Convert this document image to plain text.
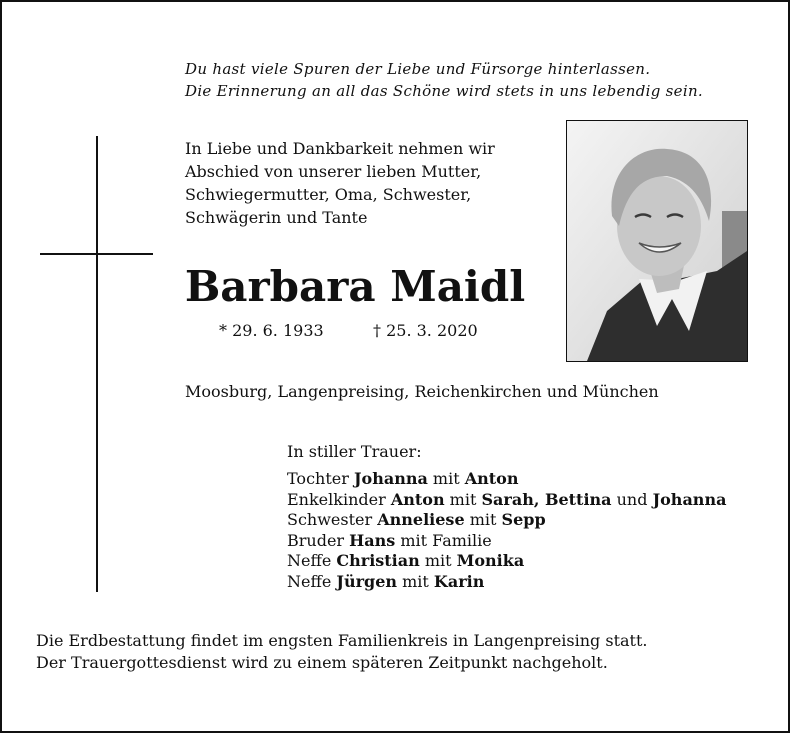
Du hast viele Spuren der Liebe und Fürsorge hinterlassen.
Die Erinnerung an all das Schöne wird stets in uns lebendig sein.
In Liebe und Dankbarkeit nehmen wir
Abschied von unserer lieben Mutter,
Schwiegermutter, Oma, Schwester,
Schwägerin und Tante
Barbara Maidl
* 29. 6. 1933	† 25. 3. 2020
Moosburg, Langenpreising, Reichenkirchen und München
In stiller Trauer:
Tochter Johanna mit Anton
Enkelkinder Anton mit Sarah, Bettina und Johanna
Schwester Anneliese mit Sepp
Bruder Hans mit Familie
Neffe Christian mit Monika
Neffe Jürgen mit Karin
Die Erdbestattung findet im engsten Familienkreis in Langenpreising statt.
Der Trauergottesdienst wird zu einem späteren Zeitpunkt nachgeholt.
